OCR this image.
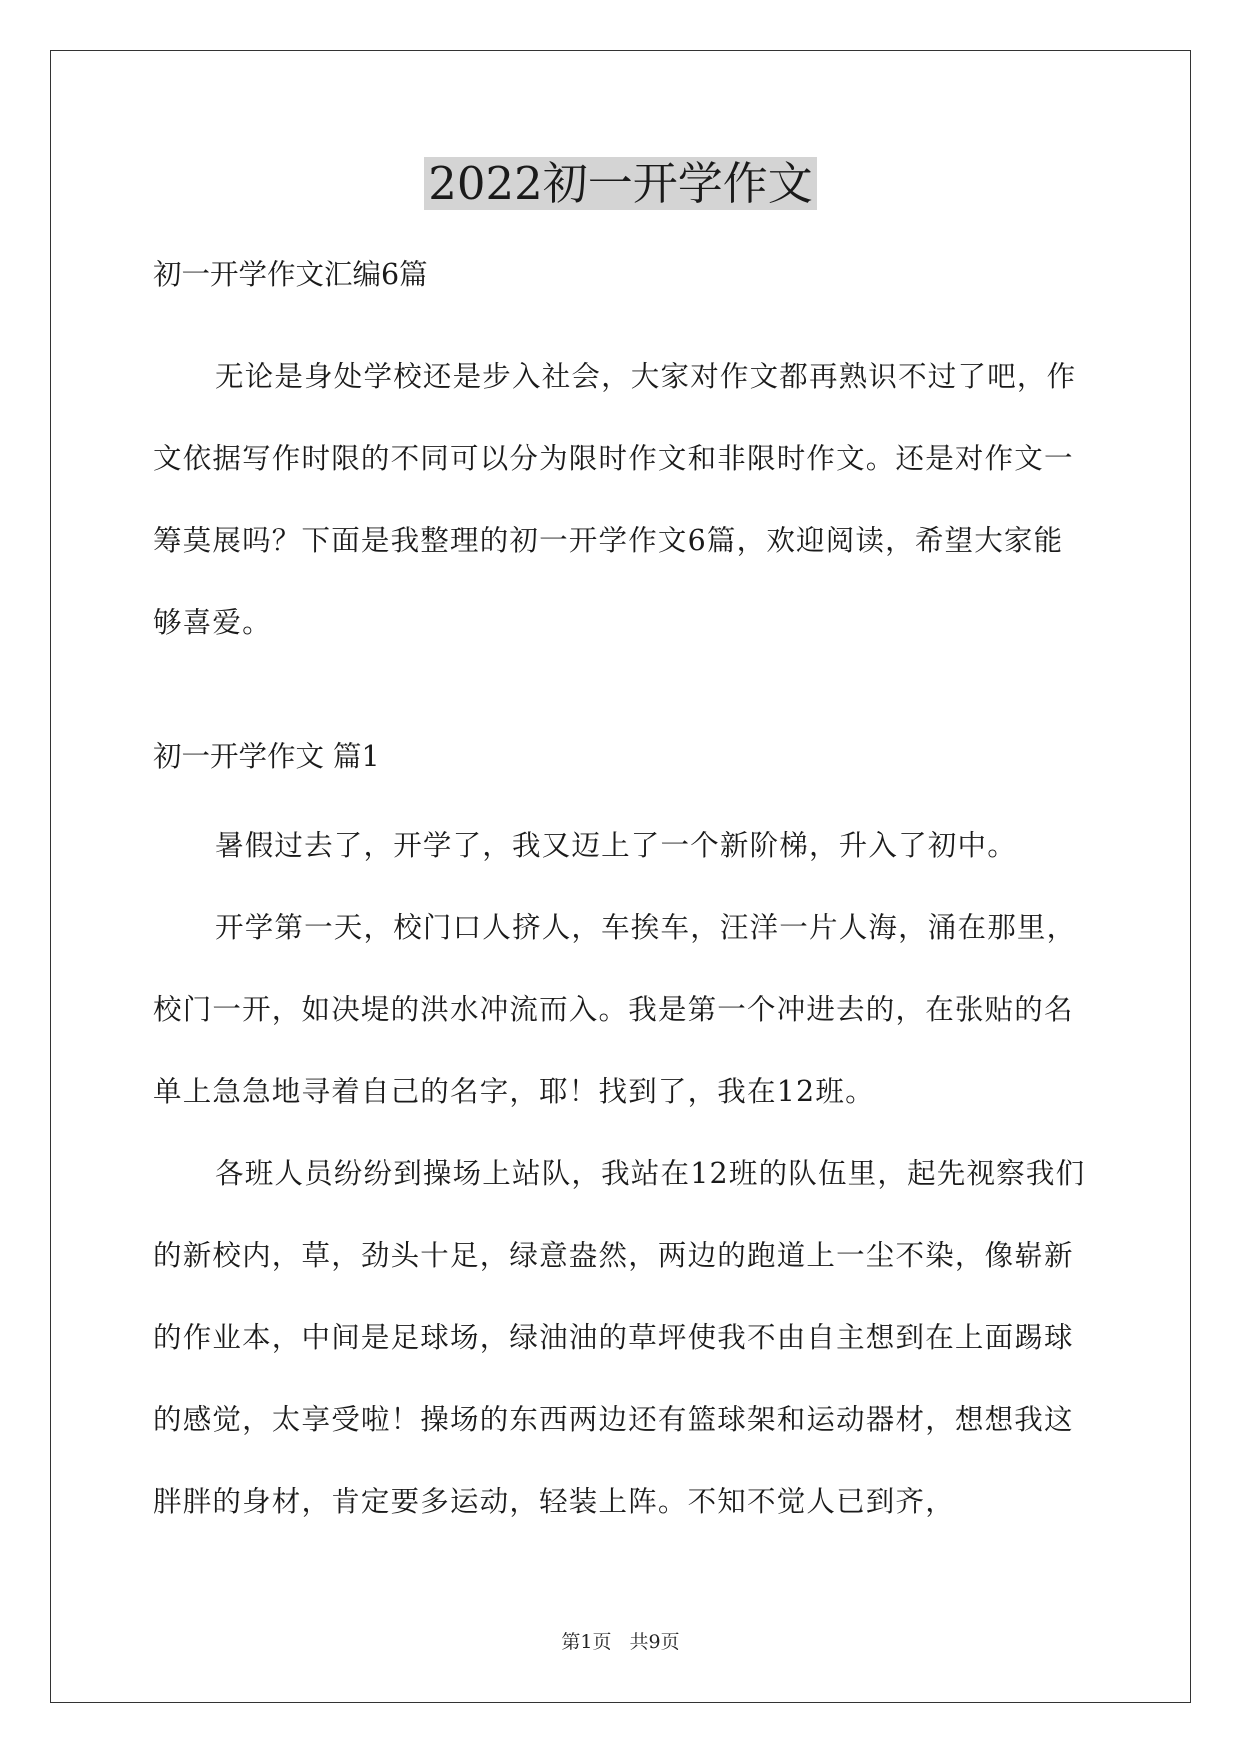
2022初一开学作文

初一开学作文汇编6篇

无论是身处学校还是步入社会，大家对作文都再熟识不过了吧，作文依据写作时限的不同可以分为限时作文和非限时作文。还是对作文一筹莫展吗？下面是我整理的初一开学作文6篇，欢迎阅读，希望大家能够喜爱。

初一开学作文 篇1

暑假过去了，开学了，我又迈上了一个新阶梯，升入了初中。

开学第一天，校门口人挤人，车挨车，汪洋一片人海，涌在那里，校门一开，如决堤的洪水冲流而入。我是第一个冲进去的，在张贴的名单上急急地寻着自己的名字，耶！找到了，我在12班。

各班人员纷纷到操场上站队，我站在12班的队伍里，起先视察我们的新校内，草，劲头十足，绿意盎然，两边的跑道上一尘不染，像崭新的作业本，中间是足球场，绿油油的草坪使我不由自主想到在上面踢球的感觉，太享受啦！操场的东西两边还有篮球架和运动器材，想想我这胖胖的身材，肯定要多运动，轻装上阵。不知不觉人已到齐，

第1页 共9页
